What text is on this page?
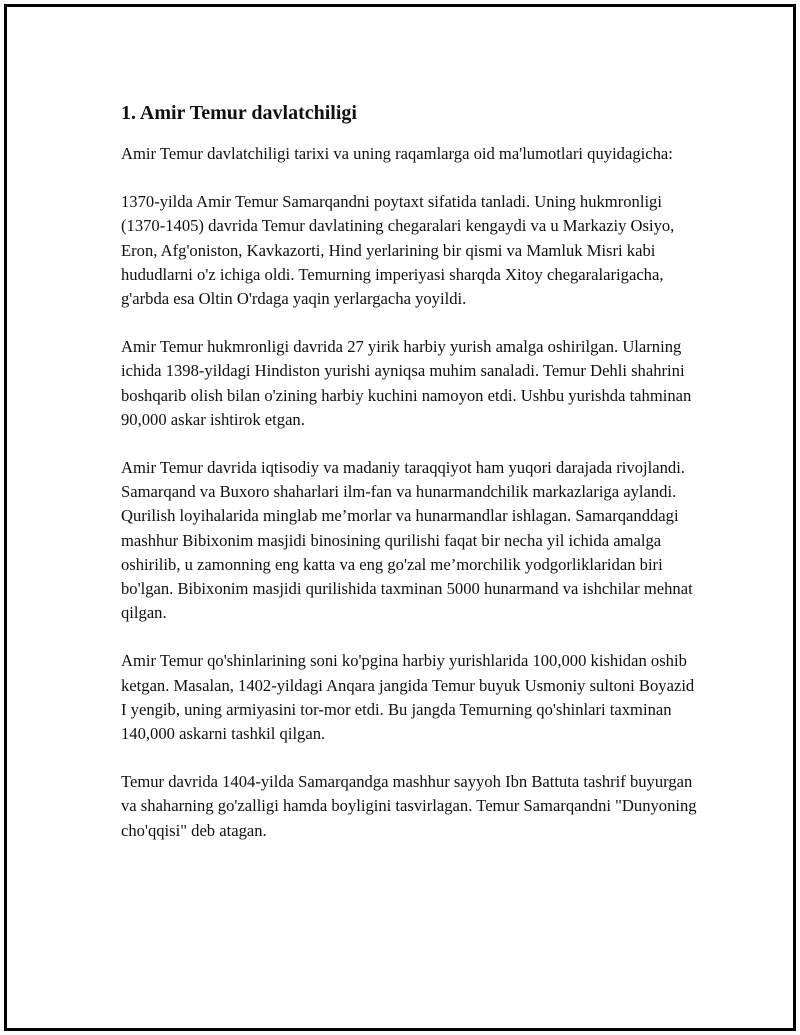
1. Amir Temur davlatchiligi

Amir Temur davlatchiligi tarixi va uning raqamlarga oid ma'lumotlari quyidagicha:

1370-yilda Amir Temur Samarqandni poytaxt sifatida tanladi. Uning hukmronligi (1370-1405) davrida Temur davlatining chegaralari kengaydi va u Markaziy Osiyo, Eron, Afg'oniston, Kavkazorti, Hind yerlarining bir qismi va Mamluk Misri kabi hududlarni o'z ichiga oldi. Temurning imperiyasi sharqda Xitoy chegaralarigacha, g'arbda esa Oltin O'rdaga yaqin yerlargacha yoyildi.

Amir Temur hukmronligi davrida 27 yirik harbiy yurish amalga oshirilgan. Ularning ichida 1398-yildagi Hindiston yurishi ayniqsa muhim sanaladi. Temur Dehli shahrini boshqarib olish bilan o'zining harbiy kuchini namoyon etdi. Ushbu yurishda tahminan 90,000 askar ishtirok etgan.

Amir Temur davrida iqtisodiy va madaniy taraqqiyot ham yuqori darajada rivojlandi. Samarqand va Buxoro shaharlari ilm-fan va hunarmandchilik markazlariga aylandi. Qurilish loyihalarida minglab me’morlar va hunarmandlar ishlagan. Samarqanddagi mashhur Bibixonim masjidi binosining qurilishi faqat bir necha yil ichida amalga oshirilib, u zamonning eng katta va eng go'zal me’morchilik yodgorliklaridan biri bo'lgan. Bibixonim masjidi qurilishida taxminan 5000 hunarmand va ishchilar mehnat qilgan.

Amir Temur qo'shinlarining soni ko'pgina harbiy yurishlarida 100,000 kishidan oshib ketgan. Masalan, 1402-yildagi Anqara jangida Temur buyuk Usmoniy sultoni Boyazid I yengib, uning armiyasini tor-mor etdi. Bu jangda Temurning qo'shinlari taxminan 140,000 askarni tashkil qilgan.

Temur davrida 1404-yilda Samarqandga mashhur sayyoh Ibn Battuta tashrif buyurgan va shaharning go'zalligi hamda boyligini tasvirlagan. Temur Samarqandni "Dunyoning cho'qqisi" deb atagan.
